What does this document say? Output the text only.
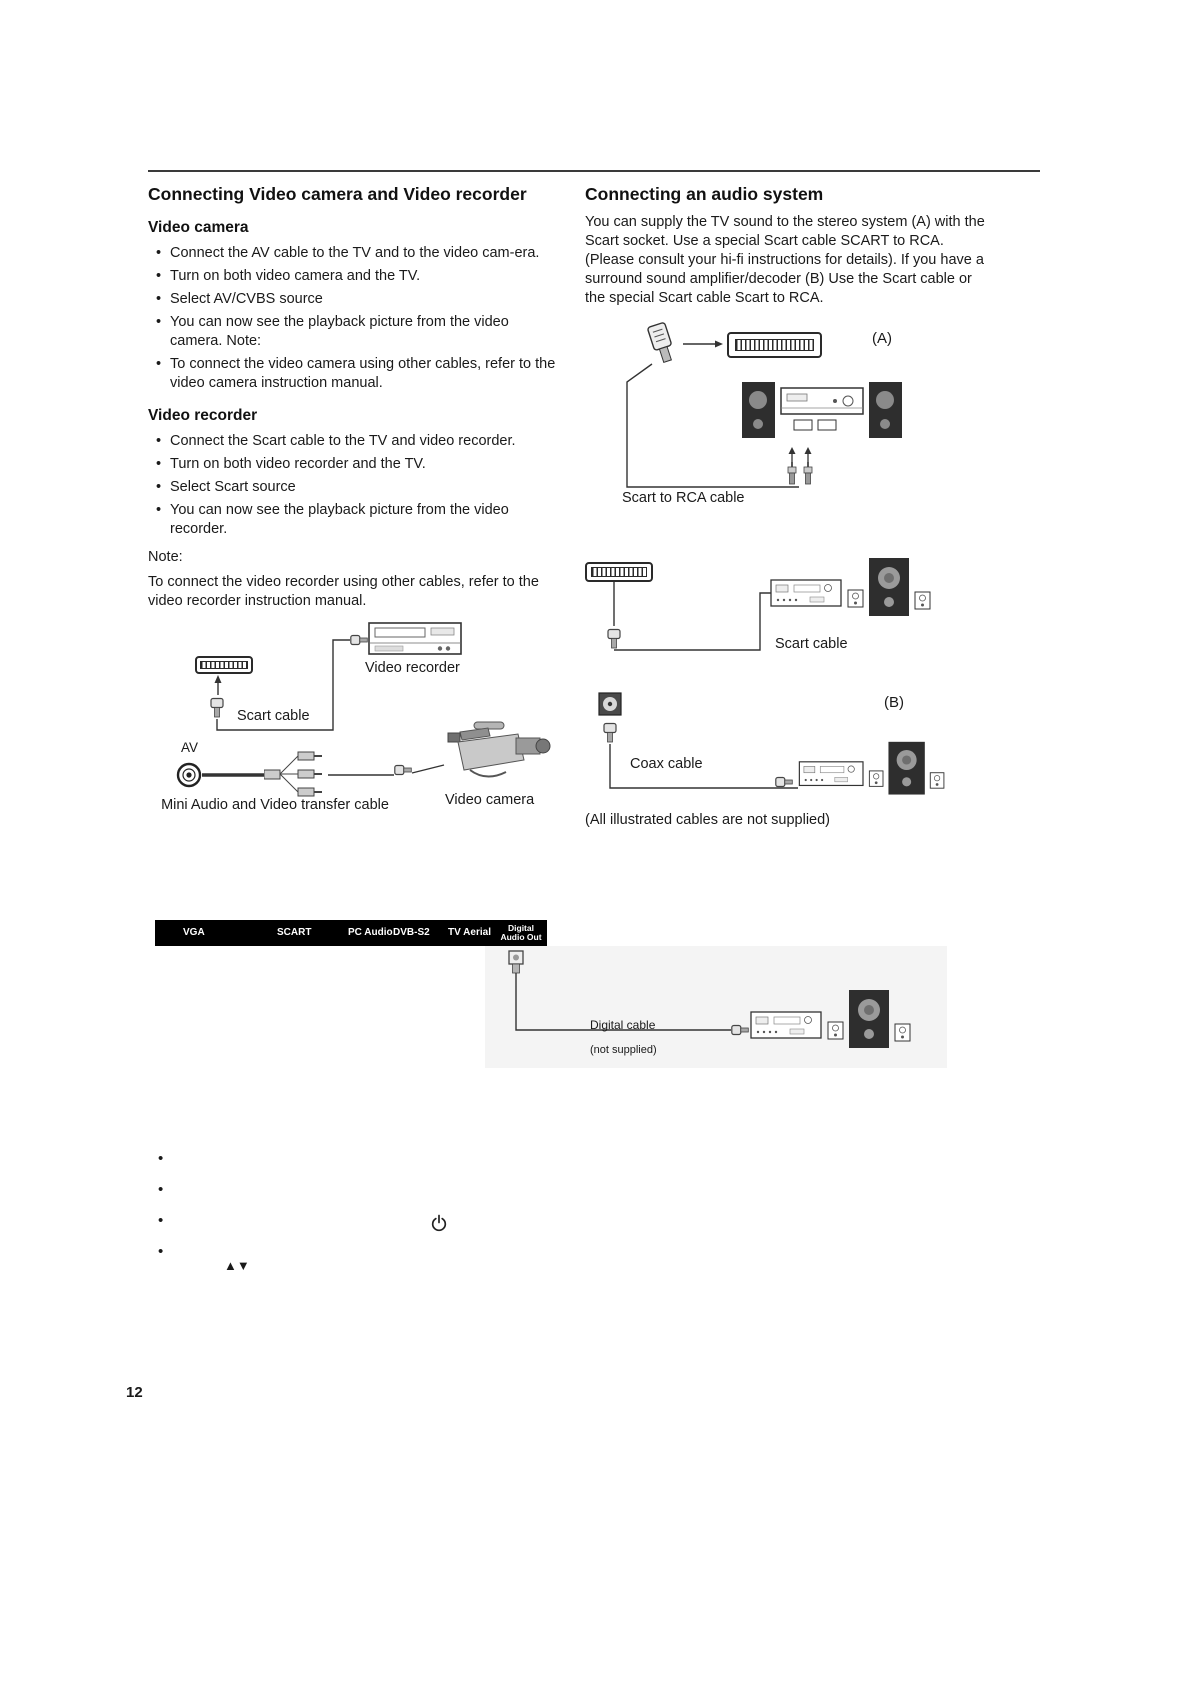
Connecting Video camera and Video recorder
Video camera
• Connect the AV cable to the TV and to the video cam-era.
• Turn on both video camera and the TV.
• Select AV/CVBS source
• You can now see the playback picture from the video camera. Note:
• To connect the video camera using other cables, refer to the video camera instruction manual.
Video recorder
• Connect the Scart cable to the TV and video recorder.
• Turn on both video recorder and the TV.
• Select Scart source
• You can now see the playback picture from the video recorder.
Note:
To connect the video recorder using other cables, refer to the video recorder instruction manual.
Connecting an audio system
You can supply the TV sound to the stereo system (A) with the Scart socket. Use a special Scart cable SCART to RCA. (Please consult your hi-fi instructions for details). If you have a surround sound amplifier/decoder (B) Use the Scart cable or the special Scart cable Scart to RCA.
Scart cable
Video recorder
AV
Video camera
Mini Audio and Video transfer cable
(A)
Scart to RCA cable
Scart cable
(B)
Coax cable
(All illustrated cables are not supplied)
VGA	SCART	PC Audio DVB-S2 TV Aerial	Digital
Audio Out
Digital cable
(not supplied)
•
•
•
•
▲▼
12
